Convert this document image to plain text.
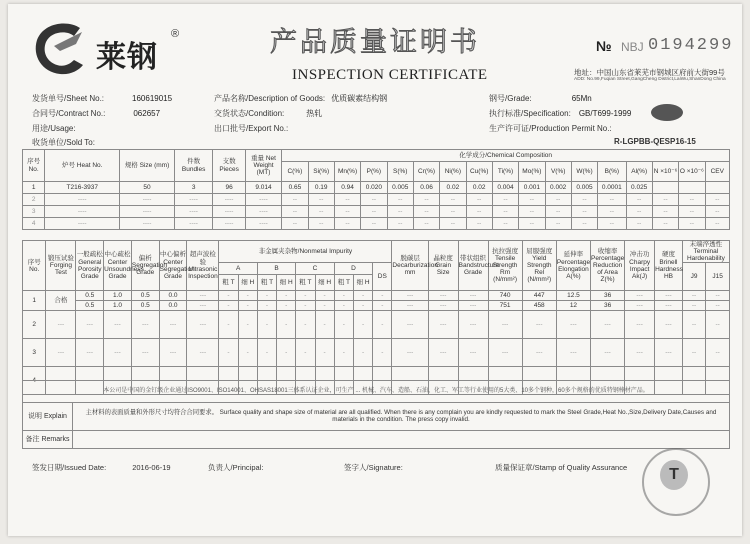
莱钢
®	产品质量证明书
INSPECTION CERTIFICATE
№ NBJ 0194299
地址：中国山东省莱芜市钢城区府前大街99号
ADD: No.99,Fuqian Street,GangCheng District,LaiWu,ShanDong China
发货单号/Sheet No.:	160619015
合同号/Contract No.:	062657
用途/Usage:
收货单位/Sold To:
产品名称/Description of Goods: 优质碳素结构钢
交货状态/Condition:	热轧
出口批号/Export No.:
钢号/Grade:	65Mn
执行标准/Specification: GB/T699-1999
生产许可证/Production Permit No.:
R-LGPBB-QESP16-15
序号 No.	炉号 Heat No.	规格 Size (mm)	件数 Bundles	支数 Pieces	重量 Net Weight (MT)	化学成分/Chemical Composition																
						C(%)	Si(%)	Mn(%)	P(%)	S(%)	Cr(%)	Ni(%)	Cu(%)	Ti(%)	Mo(%)	V(%)	W(%)	B(%)	Al(%)	N ×10⁻⁶	O ×10⁻⁶	CEV
1	T216-3937	50	3	96	9.014	0.65	0.19	0.94	0.020	0.005	0.06	0.02	0.02	0.004	0.001	0.002	0.005	0.0001	0.025			
2	----	----	----	----	----	--	--	--	--	--	--	--	--	--	--	--	--	--	--	--	--	--
3	----	----	----	----	----	--	--	--	--	--	--	--	--	--	--	--	--	--	--	--	--	--
4	----	----	----	----	----	--	--	--	--	--	--	--	--	--	--	--	--	--	--	--	--	--
序号 No.	锻压试验 Forging Test	一般疏松 General Porosity Grade	中心疏松 Center Unsoundness Grade	偏析 Segregation Grade	中心偏析 Center Segregation Grade	超声波检验 Ultrasonic Inspection	非金属夹杂物/Nonmetal Impurity									脱碳层 Decarburization mm	晶粒度 Grain Size	带状组织 Bandstructure Grade	抗拉强度 Tensile Strength Rm (N/mm²)	屈服强度 Yield Strength Rel (N/mm²)	延伸率 Percentage Elongation A(%)	收缩率 Percentage Reduction of Area Z(%)	冲击功 Charpy Impact Ak(J)	硬度 Brinell Hardness HB	末端淬透性 Terminal Hardenability	
							A		B		C		D		DS										J9	J15
							粗 T	细 H	粗 T	细 H	粗 T	细 H	粗 T	细 H												
1	合格	0.5	1.0	0.5	0.0	---	-	-	-	-	-	-	-	-	-	---	---	---	740	447	12.5	36	---	---	--	--
		0.5	1.0	0.5	0.0	---	-	-	-	-	-	-	-	-	-	---	---	---	751	458	12	36	---	---	--	--
2	---	---	---	---	---	---	-	-	-	-	-	-	-	-	-	---	---	---	---	---	---	---	---	---	--	--
3	---	---	---	---	---	---	-	-	-	-	-	-	-	-	-	---	---	---	---	---	---	---	---	---	--	--
4	---	---	---	---	---	---	-	-	-	-	-	-	-	-	-	---	---	---	---	---	---	---	---	---	--	--
本公司是中国的金钉级企业通过ISO9001、ISO14001、OHSAS18001三体系认证企业，可生产 ... 机械、汽车、造船、石油、化工、军工等行业使用的5大类、10多个钢种，60多个规格的优质特钢棒材产品。	
说明 Explain	主材料的表面质量和外形尺寸均符合合同要求。 Surface quality and shape size of material are all qualified. When there is any complain you are kindly requested to mark the Steel Grade,Heat No.,Size,Delivery Date,Causes and materials in the condition. The press copy invalid.
备注 Remarks	
签发日期/Issued Date:	2016-06-19	负责人/Principal:	签字人/Signature:	质量保证章/Stamp of Quality Assurance	T
